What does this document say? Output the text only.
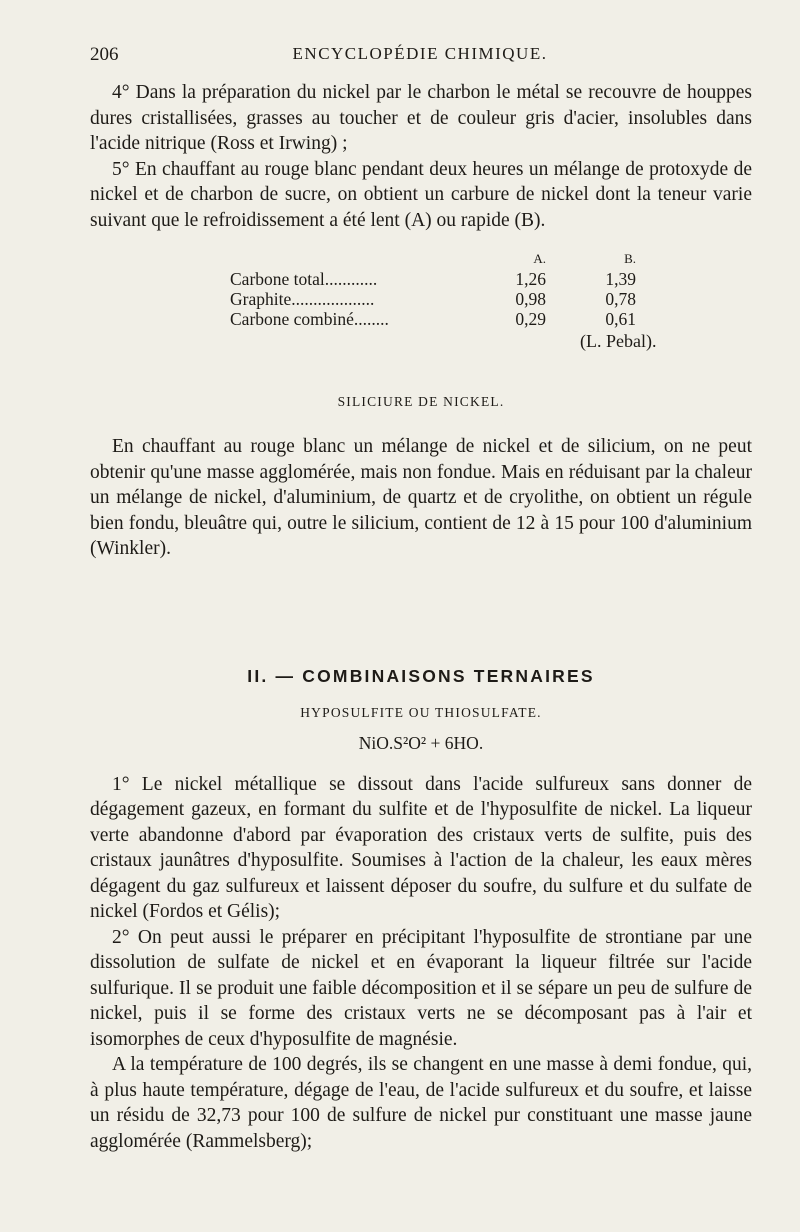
206	ENCYCLOPÉDIE CHIMIQUE.

4° Dans la préparation du nickel par le charbon le métal se recouvre de houppes dures cristallisées, grasses au toucher et de couleur gris d'acier, insolubles dans l'acide nitrique (Ross et Irwing) ;

5° En chauffant au rouge blanc pendant deux heures un mélange de protoxyde de nickel et de charbon de sucre, on obtient un carbure de nickel dont la teneur varie suivant que le refroidissement a été lent (A) ou rapide (B).

	A.	B.
Carbone total............	1,26	1,39
Graphite...................	0,98	0,78
Carbone combiné........	0,29	0,61
(L. Pebal).
SILICIURE DE NICKEL.

En chauffant au rouge blanc un mélange de nickel et de silicium, on ne peut obtenir qu'une masse agglomérée, mais non fondue. Mais en réduisant par la chaleur un mélange de nickel, d'aluminium, de quartz et de cryolithe, on obtient un régule bien fondu, bleuâtre qui, outre le silicium, contient de 12 à 15 pour 100 d'aluminium (Winkler).

II. — COMBINAISONS TERNAIRES
HYPOSULFITE OU THIOSULFATE.
NiO.S²O² + 6HO.

1° Le nickel métallique se dissout dans l'acide sulfureux sans donner de dégagement gazeux, en formant du sulfite et de l'hyposulfite de nickel. La liqueur verte abandonne d'abord par évaporation des cristaux verts de sulfite, puis des cristaux jaunâtres d'hyposulfite. Soumises à l'action de la chaleur, les eaux mères dégagent du gaz sulfureux et laissent déposer du soufre, du sulfure et du sulfate de nickel (Fordos et Gélis);

2° On peut aussi le préparer en précipitant l'hyposulfite de strontiane par une dissolution de sulfate de nickel et en évaporant la liqueur filtrée sur l'acide sulfurique. Il se produit une faible décomposition et il se sépare un peu de sulfure de nickel, puis il se forme des cristaux verts ne se décomposant pas à l'air et isomorphes de ceux d'hyposulfite de magnésie.

A la température de 100 degrés, ils se changent en une masse à demi fondue, qui, à plus haute température, dégage de l'eau, de l'acide sulfureux et du soufre, et laisse un résidu de 32,73 pour 100 de sulfure de nickel pur constituant une masse jaune agglomérée (Rammelsberg);
